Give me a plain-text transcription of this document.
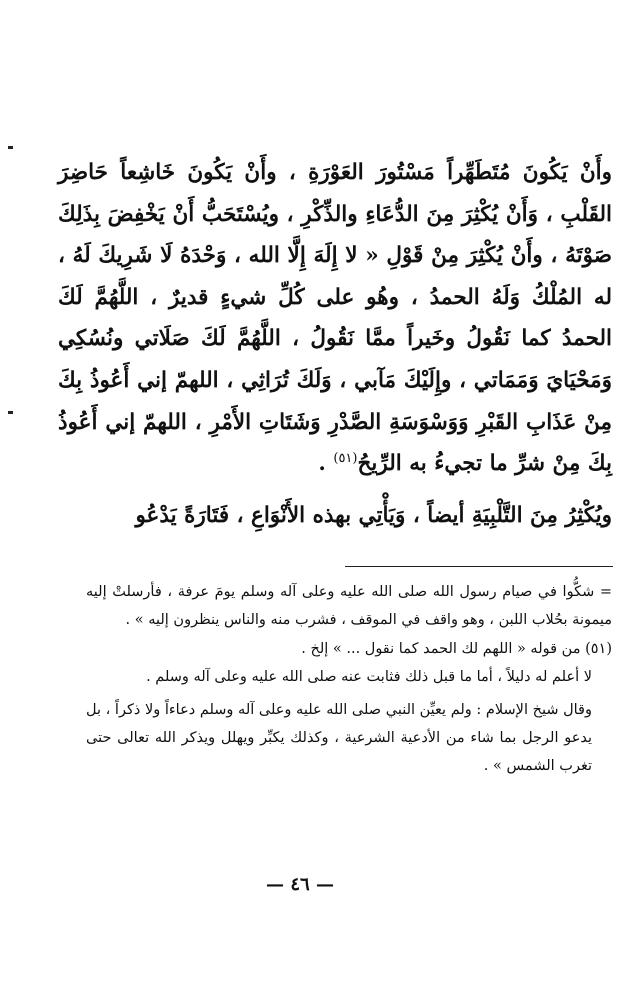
وأَنْ يَكُونَ مُتَطَهِّراً مَسْتُورَ العَوْرَةِ ، وأَنْ يَكُونَ خَاشِعاً حَاضِرَ القَلْبِ ، وَأَنْ يُكْثِرَ مِنَ الدُّعَاءِ والذِّكْرِ ، ويُسْتَحَبُّ أَنْ يَخْفِضَ بِذَلِكَ صَوْتَهُ ، وأَنْ يُكْثِرَ مِنْ قَوْلِ « لا إِلَهَ إِلَّا الله ، وَحْدَهُ لَا شَرِيكَ لَهُ ، له المُلْكُ وَلَهُ الحمدُ ، وهُو على كُلِّ شيءٍ قديرٌ ، اللَّهُمَّ لَكَ الحمدُ كما نَقُولُ وخَيراً ممَّا نَقُولُ ، اللَّهُمَّ لَكَ صَلَاتي ونُسُكِي وَمَحْيَايَ وَمَمَاتي ، وإِلَيْكَ مَآبي ، وَلَكَ تُرَاثِي ، اللهمّ إني أَعُوذُ بِكَ مِنْ عَذَابِ القَبْرِ وَوَسْوَسَةِ الصَّدْرِ وَشَتَاتِ الأَمْرِ ، اللهمّ إني أَعُوذُ بِكَ مِنْ شرِّ ما تجيءُ به الرِّيحُ$^{(٥١)}$ .

ويُكْثِرُ مِنَ التَّلْبِيَةِ أيضاً ، وَيَأْتِي بهذه الأَنْوَاعِ ، فَتَارَةً يَدْعُو

= شكُّوا في صيام رسول الله صلى الله عليه وعلى آله وسلم يومَ عرفة ، فأرسلتْ إليه ميمونة بحُلاب اللبن ، وهو واقف في الموقف ، فشرب منه والناس ينظرون إليه » .

(٥١) من قوله « اللهم لك الحمد كما نقول ... » إلخ .

لا أعلم له دليلاً ، أما ما قبل ذلك فثابت عنه صلى الله عليه وعلى آله وسلم .

وقال شيخ الإسلام : ولم يعيِّن النبي صلى الله عليه وعلى آله وسلم دعاءاً ولا ذكراً ، بل يدعو الرجل بما شاء من الأدعية الشرعية ، وكذلك يكبِّر ويهلل ويذكر الله تعالى حتى تغرب الشمس » .

— ٤٦ —
